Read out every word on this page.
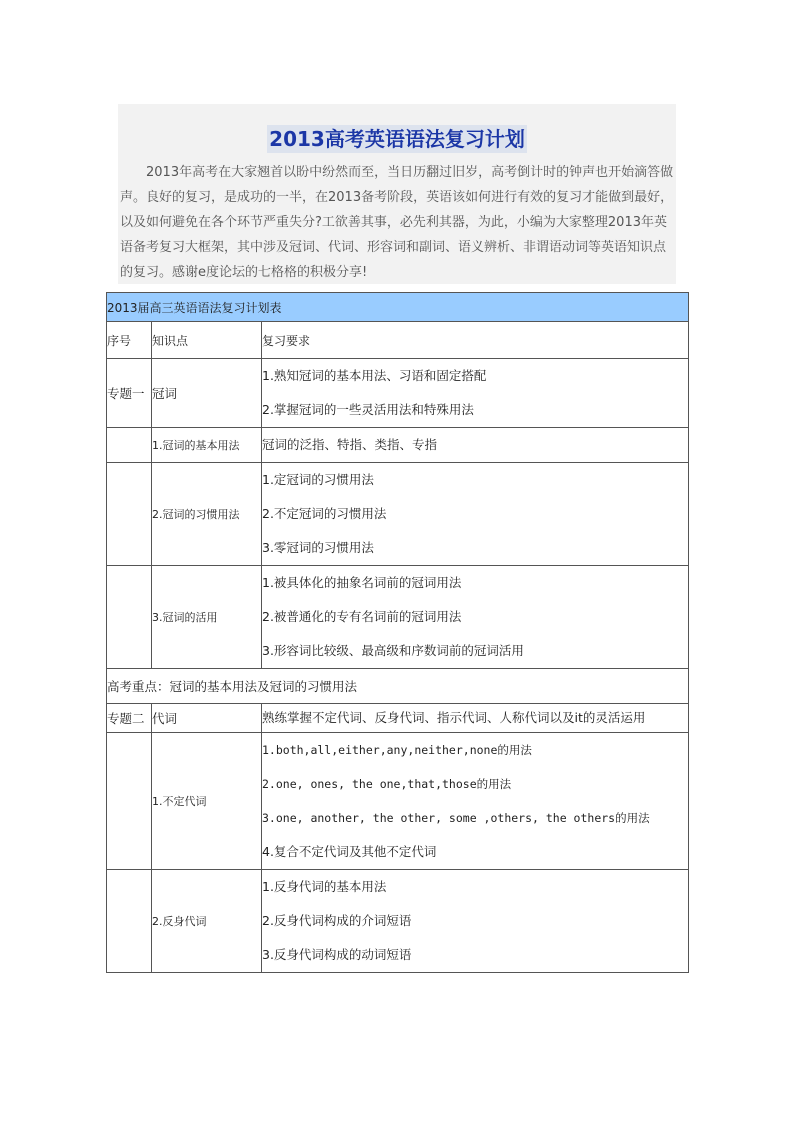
2013高考英语语法复习计划

2013年高考在大家翘首以盼中纷然而至，当日历翻过旧岁，高考倒计时的钟声也开始滴答做声。良好的复习，是成功的一半，在2013备考阶段，英语该如何进行有效的复习才能做到最好，以及如何避免在各个环节严重失分?工欲善其事，必先利其器，为此，小编为大家整理2013年英语备考复习大框架，其中涉及冠词、代词、形容词和副词、语义辨析、非谓语动词等英语知识点的复习。感谢e度论坛的七格格的积极分享!

2013届高三英语语法复习计划表		
序号	知识点	复习要求
专题一	冠词	1.熟知冠词的基本用法、习语和固定搭配
2.掌握冠词的一些灵活用法和特殊用法

	1.冠词的基本用法	冠词的泛指、特指、类指、专指

	2.冠词的习惯用法	1.定冠词的习惯用法
2.不定冠词的习惯用法
3.零冠词的习惯用法

	3.冠词的活用	1.被具体化的抽象名词前的冠词用法
2.被普通化的专有名词前的冠词用法
3.形容词比较级、最高级和序数词前的冠词活用

高考重点：冠词的基本用法及冠词的习惯用法		
专题二	代词	熟练掌握不定代词、反身代词、指示代词、人称代词以及it的灵活运用

	1.不定代词	1.both,all,either,any,neither,none的用法
2.one, ones, the one,that,those的用法
3.one, another, the other, some ,others, the others的用法
4.复合不定代词及其他不定代词

	2.反身代词	1.反身代词的基本用法
2.反身代词构成的介词短语
3.反身代词构成的动词短语
